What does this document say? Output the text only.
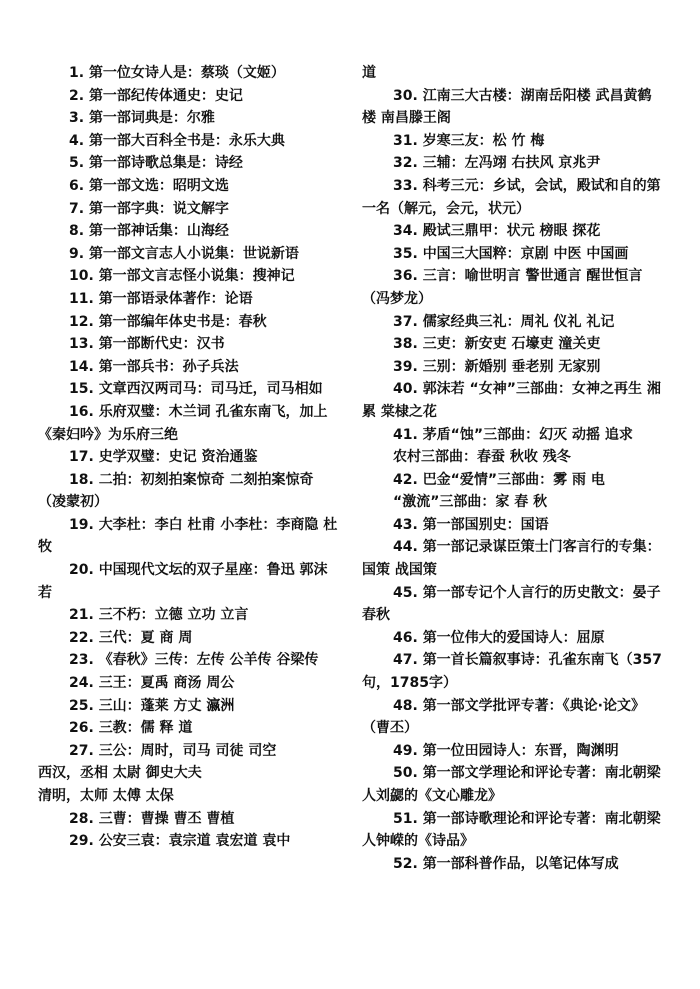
1. 第一位女诗人是：蔡琰（文姬）

2. 第一部纪传体通史：史记

3. 第一部词典是：尔雅

4. 第一部大百科全书是：永乐大典

5. 第一部诗歌总集是：诗经

6. 第一部文选：昭明文选

7. 第一部字典：说文解字

8. 第一部神话集：山海经

9. 第一部文言志人小说集：世说新语

10. 第一部文言志怪小说集：搜神记

11. 第一部语录体著作：论语

12. 第一部编年体史书是：春秋

13. 第一部断代史：汉书

14. 第一部兵书：孙子兵法

15. 文章西汉两司马：司马迁，司马相如

16. 乐府双璧：木兰词 孔雀东南飞，加上《秦妇吟》为乐府三绝

17. 史学双璧：史记 资治通鉴

18. 二拍：初刻拍案惊奇 二刻拍案惊奇 （凌蒙初）

19. 大李杜：李白 杜甫 小李杜：李商隐 杜牧

20. 中国现代文坛的双子星座：鲁迅 郭沫若

21. 三不朽：立德 立功 立言

22. 三代：夏 商 周

23. 《春秋》三传：左传 公羊传 谷梁传

24. 三王：夏禹 商汤 周公

25. 三山：蓬莱 方丈 瀛洲

26. 三教：儒 释 道

27. 三公：周时，司马 司徒 司空

西汉，丞相 太尉 御史大夫

清明，太师 太傅 太保

28. 三曹：曹操 曹丕 曹植

29. 公安三袁：袁宗道 袁宏道 袁中

道

30. 江南三大古楼：湖南岳阳楼 武昌黄鹤楼 南昌滕王阁

31. 岁寒三友：松 竹 梅

32. 三辅：左冯翊 右扶风 京兆尹

33. 科考三元：乡试，会试，殿试和自的第一名（解元，会元，状元）

34. 殿试三鼎甲：状元 榜眼 探花

35. 中国三大国粹：京剧 中医 中国画

36. 三言：喻世明言 警世通言 醒世恒言（冯梦龙）

37. 儒家经典三礼：周礼 仪礼 礼记

38. 三吏：新安吏 石壕吏 潼关吏

39. 三别：新婚别 垂老别 无家别

40. 郭沫若 “女神”三部曲：女神之再生 湘累 棠棣之花

41. 茅盾“蚀”三部曲：幻灭 动摇 追求

农村三部曲：春蚕 秋收 残冬

42. 巴金“爱情”三部曲：雾 雨 电

“激流”三部曲：家 春 秋

43. 第一部国别史：国语

44. 第一部记录谋臣策士门客言行的专集：国策 战国策

45. 第一部专记个人言行的历史散文：晏子春秋

46. 第一位伟大的爱国诗人：屈原

47. 第一首长篇叙事诗：孔雀东南飞（357句，1785字）

48. 第一部文学批评专著：《典论·论文》（曹丕）

49. 第一位田园诗人：东晋，陶渊明

50. 第一部文学理论和评论专著：南北朝梁人刘勰的《文心雕龙》

51. 第一部诗歌理论和评论专著：南北朝梁人钟嵘的《诗品》

52. 第一部科普作品，以笔记体写成
